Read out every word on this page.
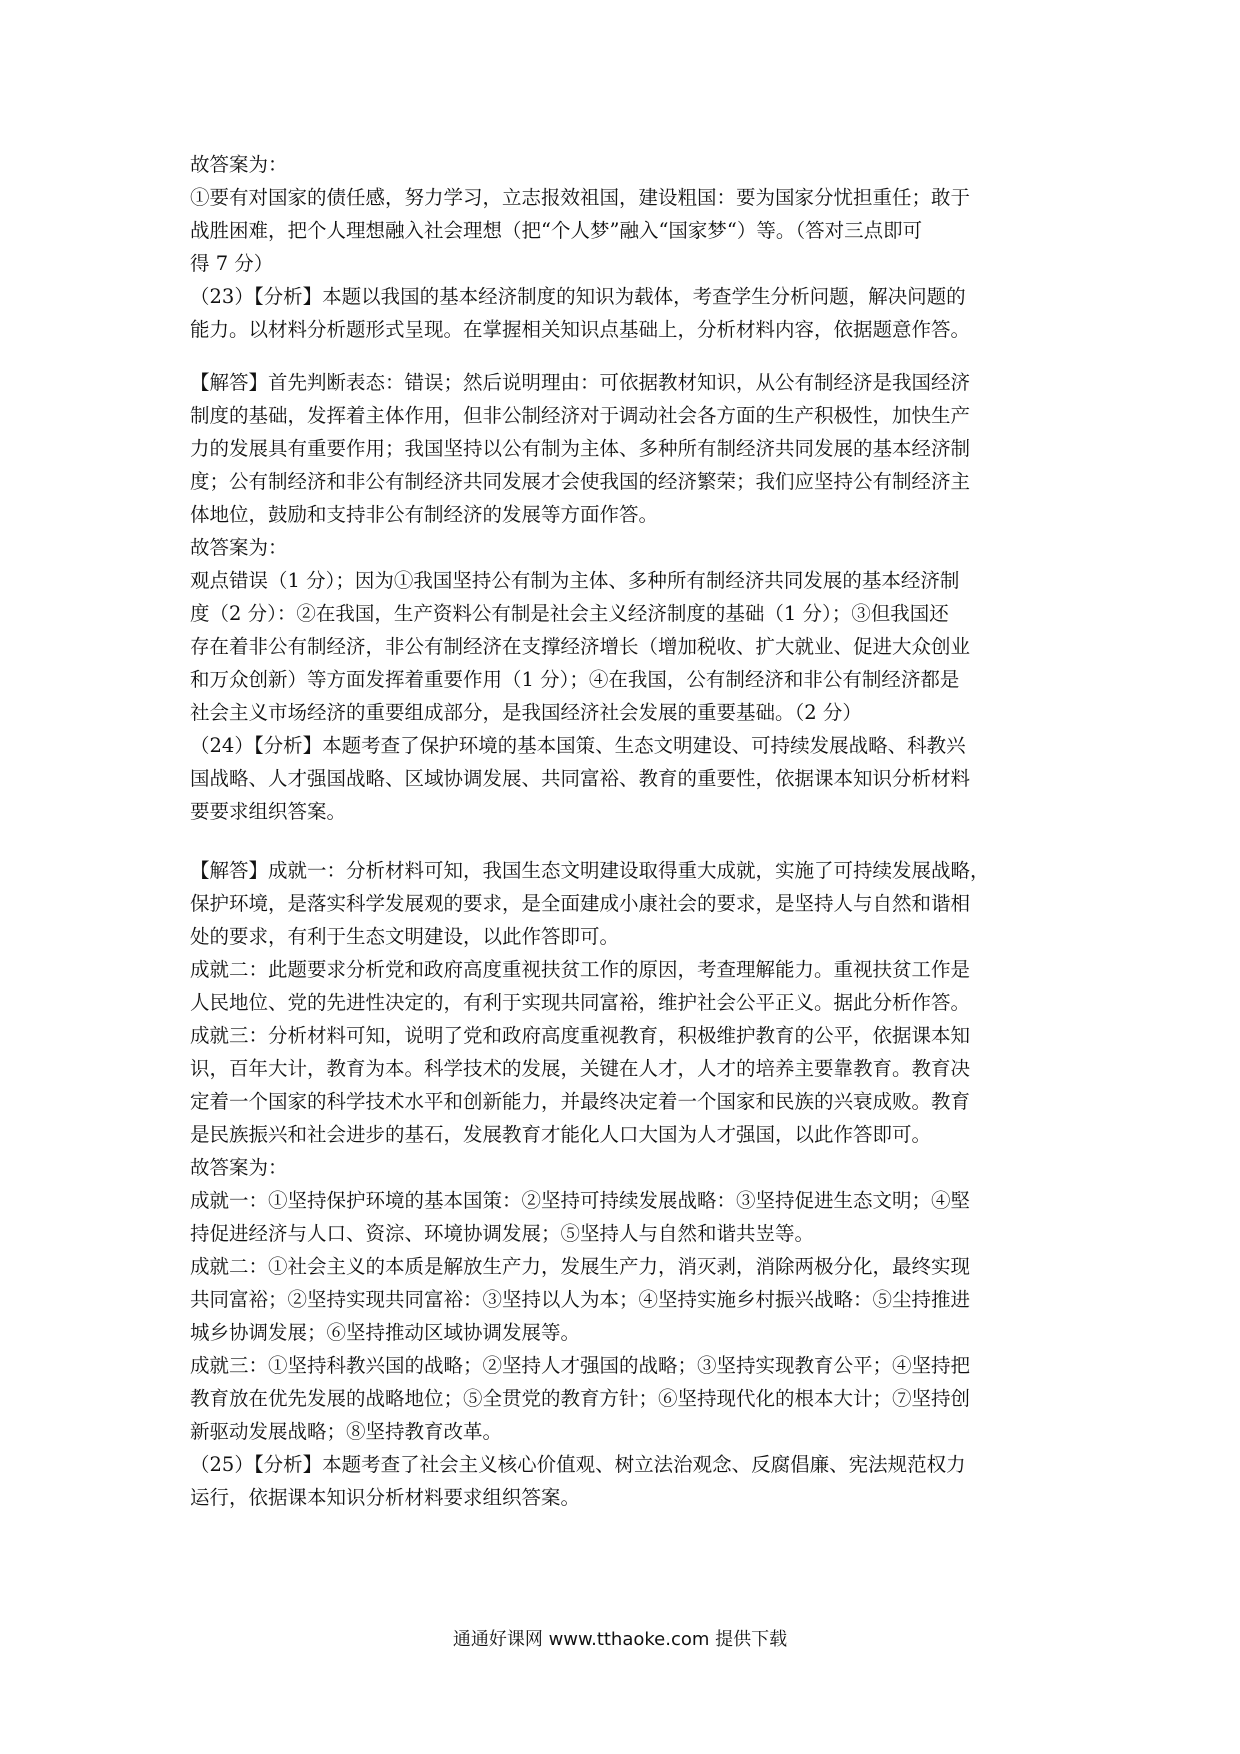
故答案为：
①要有对国家的债任感，努力学习，立志报效祖国，建设粗国：要为国家分忧担重任；敢于
战胜困难，把个人理想融入社会理想（把“个人梦”融入“国家梦“）等。（答对三点即可
得 7 分）
（23）【分析】本题以我国的基本经济制度的知识为载体，考查学生分析问题，解决问题的
能力。以材料分析题形式呈现。在掌握相关知识点基础上，分析材料内容，依据题意作答。
【解答】首先判断表态：错误；然后说明理由：可依据教材知识，从公有制经济是我国经济
制度的基础，发挥着主体作用，但非公制经济对于调动社会各方面的生产积极性，加快生产
力的发展具有重要作用；我国坚持以公有制为主体、多种所有制经济共同发展的基本经济制
度；公有制经济和非公有制经济共同发展才会使我国的经济繁荣；我们应坚持公有制经济主
体地位，鼓励和支持非公有制经济的发展等方面作答。
故答案为：
观点错误（1 分）；因为①我国坚持公有制为主体、多种所有制经济共同发展的基本经济制
度（2 分）：②在我国，生产资料公有制是社会主义经济制度的基础（1 分）；③但我国还
存在着非公有制经济，非公有制经济在支撑经济增长（增加税收、扩大就业、促进大众创业
和万众创新）等方面发挥着重要作用（1 分）；④在我国，公有制经济和非公有制经济都是
社会主义市场经济的重要组成部分，是我国经济社会发展的重要基础。（2 分）
（24）【分析】本题考查了保护环境的基本国策、生态文明建设、可持续发展战略、科教兴
国战略、人才强国战略、区域协调发展、共同富裕、教育的重要性，依据课本知识分析材料
要要求组织答案。
【解答】成就一：分析材料可知，我国生态文明建设取得重大成就，实施了可持续发展战略，
保护环境，是落实科学发展观的要求，是全面建成小康社会的要求，是坚持人与自然和谐相
处的要求，有利于生态文明建设，以此作答即可。
成就二：此题要求分析党和政府高度重视扶贫工作的原因，考查理解能力。重视扶贫工作是
人民地位、党的先进性决定的，有利于实现共同富裕，维护社会公平正义。据此分析作答。
成就三：分析材料可知，说明了党和政府高度重视教育，积极维护教育的公平，依据课本知
识，百年大计，教育为本。科学技术的发展，关键在人才，人才的培养主要靠教育。教育决
定着一个国家的科学技术水平和创新能力，并最终决定着一个国家和民族的兴衰成败。教育
是民族振兴和社会进步的基石，发展教育才能化人口大国为人才强国，以此作答即可。
故答案为：
成就一：①坚持保护环境的基本国策：②坚持可持续发展战略：③坚持促进生态文明；④堅
持促进经济与人口、资淙、环境协调发展；⑤坚持人与自然和谐共岦等。
成就二：①社会主义的本质是解放生产力，发展生产力，消灭剥，消除两极分化，最终实现
共同富裕；②坚持实现共同富裕：③坚持以人为本；④坚持实施乡村振兴战略：⑤尘持推进
城乡协调发展；⑥坚持推动区域协调发展等。
成就三：①坚持科教兴国的战略；②坚持人才强国的战略；③坚持实现教育公平；④坚持把
教育放在优先发展的战略地位；⑤全贯党的教育方针；⑥坚持现代化的根本大计；⑦坚持创
新驱动发展战略；⑧坚持教育改革。
（25）【分析】本题考查了社会主义核心价值观、树立法治观念、反腐倡廉、宪法规范权力
运行，依据课本知识分析材料要求组织答案。
通通好课网 www.tthaoke.com 提供下载
